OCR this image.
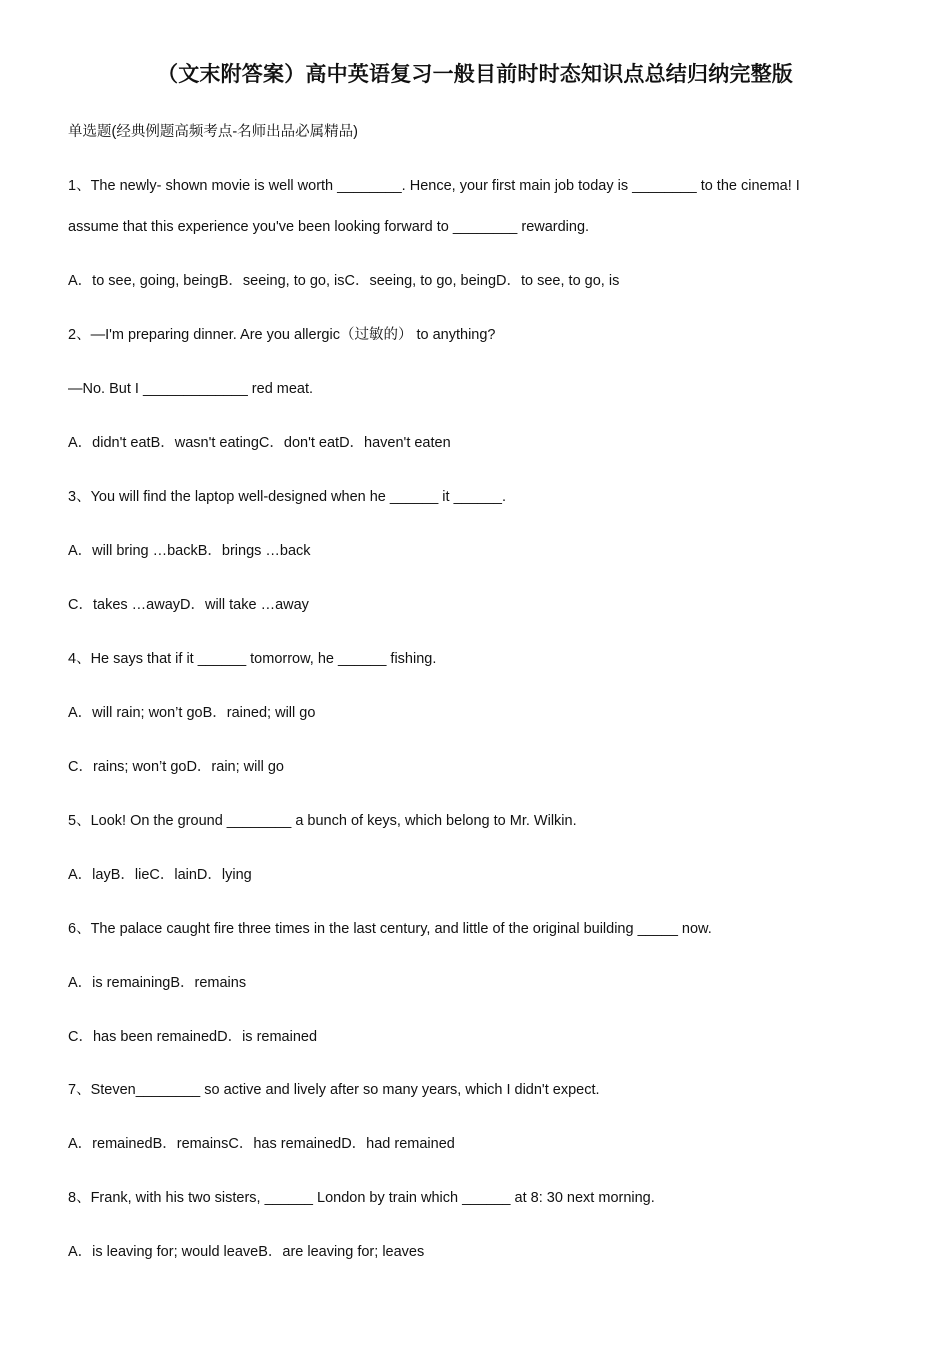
（文末附答案）高中英语复习一般目前时时态知识点总结归纳完整版
单选题(经典例题高频考点-名师出品必属精品)
1、The newly- shown movie is well worth ________. Hence, your first main job today is ________ to the cinema! I
assume that this experience you've been looking forward to ________ rewarding.
A．to see, going, beingB．seeing, to go, isC．seeing, to go, beingD．to see, to go, is
2、—I'm preparing dinner. Are you allergic（过敏的） to anything?
—No. But I _____________ red meat.
A．didn't eatB．wasn't eatingC．don't eatD．haven't eaten
3、You will find the laptop well-designed when he ______ it ______.
A．will bring …backB．brings …back
C．takes …awayD．will take …away
4、He says that if it ______ tomorrow, he ______ fishing.
A．will rain; won’t goB．rained; will go
C．rains; won’t goD．rain; will go
5、Look! On the ground ________ a bunch of keys, which belong to Mr. Wilkin.
A．layB．lieC．lainD．lying
6、The palace caught fire three times in the last century, and little of the original building _____ now.
A．is remainingB．remains
C．has been remainedD．is remained
7、Steven________ so active and lively after so many years, which I didn't expect.
A．remainedB．remainsC．has remainedD．had remained
8、Frank, with his two sisters, ______ London by train which ______ at 8: 30 next morning.
A．is leaving for; would leaveB．are leaving for; leaves
